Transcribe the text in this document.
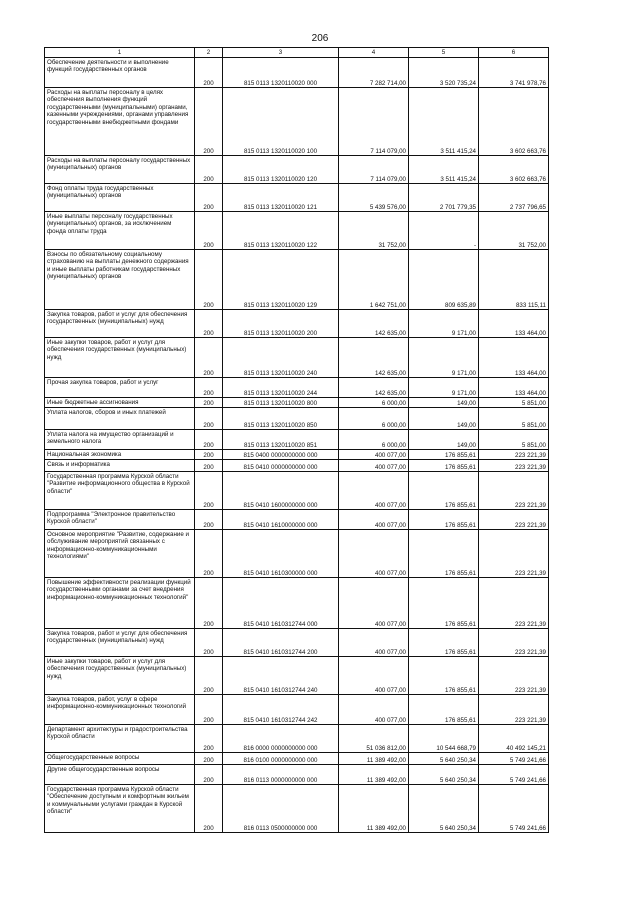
206
1	2	3	4	5	6
Обеспечение деятельности и выполнение функций государственных органов	200	815 0113 1320110020 000	7 282 714,00	3 520 735,24	3 741 978,76
Расходы на выплаты персоналу в целях обеспечения выполнения функций государственными (муниципальными) органами, казенными учреждениями, органами управления государственными внебюджетными фондами	200	815 0113 1320110020 100	7 114 079,00	3 511 415,24	3 602 663,76
Расходы на выплаты персоналу государственных (муниципальных) органов	200	815 0113 1320110020 120	7 114 079,00	3 511 415,24	3 602 663,76
Фонд оплаты труда государственных (муниципальных) органов	200	815 0113 1320110020 121	5 439 576,00	2 701 779,35	2 737 796,65
Иные выплаты персоналу государственных (муниципальных) органов, за исключением фонда оплаты труда	200	815 0113 1320110020 122	31 752,00	-	31 752,00
Взносы по обязательному социальному страхованию на выплаты денежного содержания и иные выплаты работникам государственных (муниципальных) органов	200	815 0113 1320110020 129	1 642 751,00	809 635,89	833 115,11
Закупка товаров, работ и услуг для обеспечения государственных (муниципальных) нужд	200	815 0113 1320110020 200	142 635,00	9 171,00	133 464,00
Иные закупки товаров, работ и услуг для обеспечения государственных (муниципальных) нужд	200	815 0113 1320110020 240	142 635,00	9 171,00	133 464,00
Прочая закупка товаров, работ и услуг	200	815 0113 1320110020 244	142 635,00	9 171,00	133 464,00
Иные бюджетные ассигнования	200	815 0113 1320110020 800	6 000,00	149,00	5 851,00
Уплата налогов, сборов и иных платежей	200	815 0113 1320110020 850	6 000,00	149,00	5 851,00
Уплата налога на имущество организаций и земельного налога	200	815 0113 1320110020 851	6 000,00	149,00	5 851,00
Национальная экономика	200	815 0400 0000000000 000	400 077,00	176 855,61	223 221,39
Связь и информатика	200	815 0410 0000000000 000	400 077,00	176 855,61	223 221,39
Государственная программа Курской области "Развитие информационного общества в Курской области"	200	815 0410 1600000000 000	400 077,00	176 855,61	223 221,39
Подпрограмма "Электронное правительство Курской области"	200	815 0410 1610000000 000	400 077,00	176 855,61	223 221,39
Основное мероприятие "Развитие, содержание и обслуживание мероприятий связанных с информационно-коммуникационными технологиями"	200	815 0410 1610300000 000	400 077,00	176 855,61	223 221,39
Повышение эффективности реализации функций государственными органами за счет внедрения информационно-коммуникационных технологий"	200	815 0410 1610312744 000	400 077,00	176 855,61	223 221,39
Закупка товаров, работ и услуг для обеспечения государственных (муниципальных) нужд	200	815 0410 1610312744 200	400 077,00	176 855,61	223 221,39
Иные закупки товаров, работ и услуг для обеспечения государственных (муниципальных) нужд	200	815 0410 1610312744 240	400 077,00	176 855,61	223 221,39
Закупка товаров, работ, услуг в сфере информационно-коммуникационных технологий	200	815 0410 1610312744 242	400 077,00	176 855,61	223 221,39
Департамент архитектуры и градостроительства Курской области	200	816 0000 0000000000 000	51 036 812,00	10 544 668,79	40 492 145,21
Общегосударственные вопросы	200	816 0100 0000000000 000	11 389 492,00	5 640 250,34	5 749 241,66
Другие общегосударственные вопросы	200	816 0113 0000000000 000	11 389 492,00	5 640 250,34	5 749 241,66
Государственная программа Курской области "Обеспечение доступным и комфортным жильем и коммунальными услугами граждан в Курской области"	200	816 0113 0500000000 000	11 389 492,00	5 640 250,34	5 749 241,66
